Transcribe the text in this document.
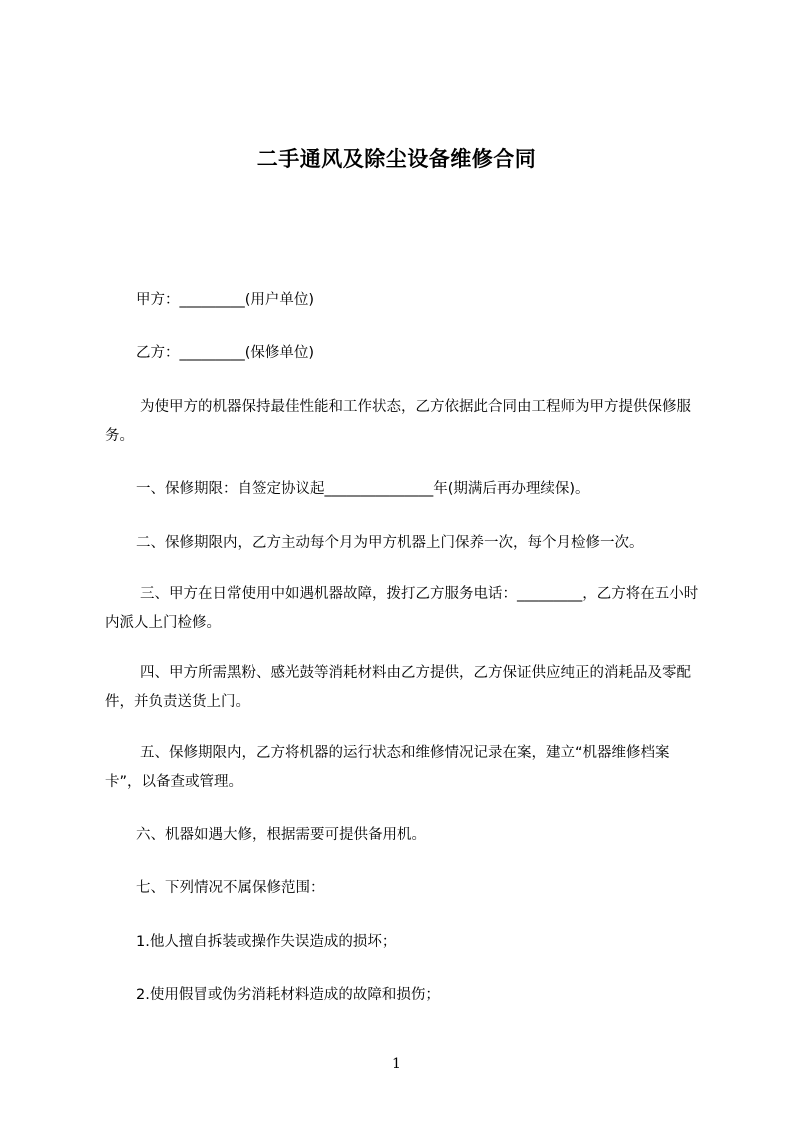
二手通风及除尘设备维修合同
甲方：_________(用户单位)
乙方：_________(保修单位)
为使甲方的机器保持最佳性能和工作状态，乙方依据此合同由工程师为甲方提供保修服务。
一、保修期限：自签定协议起_______________年(期满后再办理续保)。
二、保修期限内，乙方主动每个月为甲方机器上门保养一次，每个月检修一次。
三、甲方在日常使用中如遇机器故障，拨打乙方服务电话：_________，乙方将在五小时内派人上门检修。
四、甲方所需黑粉、感光鼓等消耗材料由乙方提供，乙方保证供应纯正的消耗品及零配件，并负责送货上门。
五、保修期限内，乙方将机器的运行状态和维修情况记录在案，建立“机器维修档案卡”，以备查或管理。
六、机器如遇大修，根据需要可提供备用机。
七、下列情况不属保修范围：
1.他人擅自拆装或操作失误造成的损坏；
2.使用假冒或伪劣消耗材料造成的故障和损伤；
1
